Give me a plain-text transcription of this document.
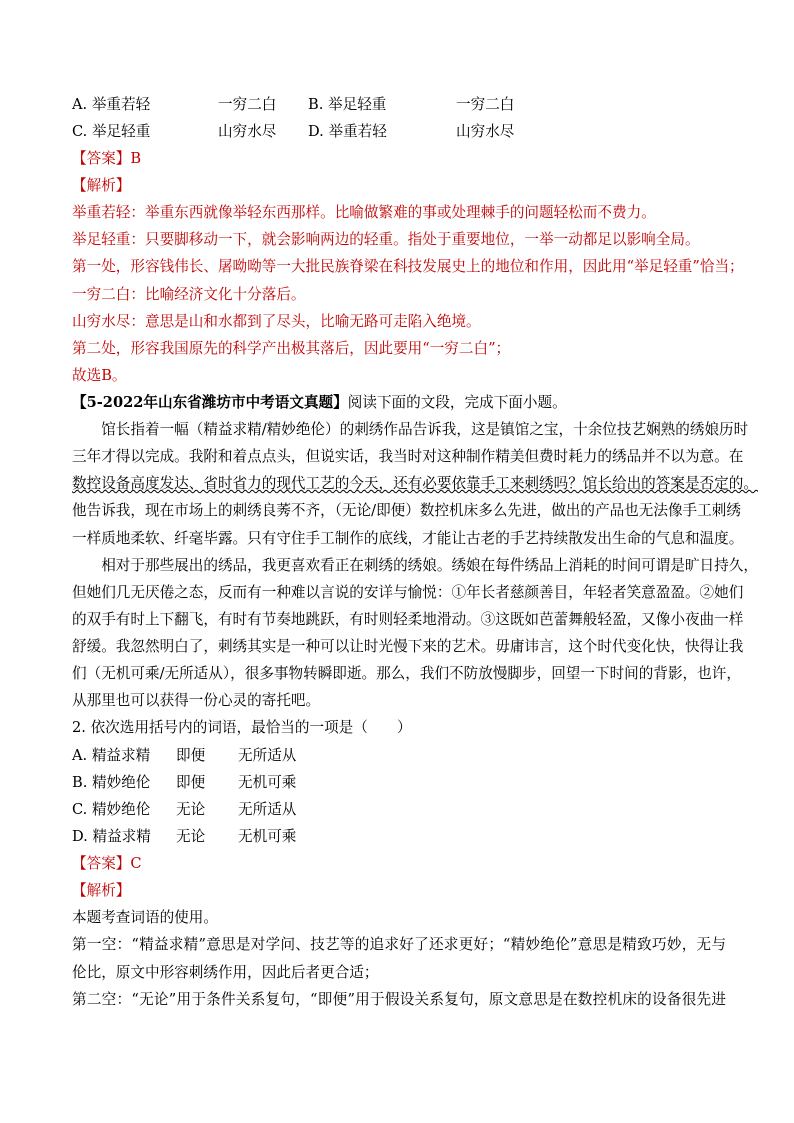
A. 举重若轻	一穷二白 B. 举足轻重	一穷二白
C. 举足轻重	山穷水尽 D. 举重若轻	山穷水尽
【答案】B
【解析】
举重若轻：举重东西就像举轻东西那样。比喻做繁难的事或处理棘手的问题轻松而不费力。
举足轻重：只要脚移动一下，就会影响两边的轻重。指处于重要地位，一举一动都足以影响全局。
第一处，形容钱伟长、屠呦呦等一大批民族脊梁在科技发展史上的地位和作用，因此用“举足轻重”恰当；
一穷二白：比喻经济文化十分落后。
山穷水尽：意思是山和水都到了尽头，比喻无路可走陷入绝境。
第二处，形容我国原先的科学产出极其落后，因此要用“一穷二白”；
故选B。
【5-2022年山东省潍坊市中考语文真题】阅读下面的文段，完成下面小题。
馆长指着一幅（精益求精/精妙绝伦）的刺绣作品告诉我，这是镇馆之宝，十余位技艺娴熟的绣娘历时
三年才得以完成。我附和着点点头，但说实话，我当时对这种制作精美但费时耗力的绣品并不以为意。在
数控设备高度发达、省时省力的现代工艺的今天，还有必要依靠手工来刺绣吗？馆长给出的答案是否定的。
他告诉我，现在市场上的刺绣良莠不齐，（无论/即便）数控机床多么先进，做出的产品也无法像手工刺绣
一样质地柔软、纤毫毕露。只有守住手工制作的底线，才能让古老的手艺持续散发出生命的气息和温度。
相对于那些展出的绣品，我更喜欢看正在刺绣的绣娘。绣娘在每件绣品上消耗的时间可谓是旷日持久，
但她们几无厌倦之态，反而有一种难以言说的安详与愉悦：①年长者慈颜善目，年轻者笑意盈盈。②她们
的双手有时上下翻飞，有时有节奏地跳跃，有时则轻柔地滑动。③这既如芭蕾舞般轻盈，又像小夜曲一样
舒缓。我忽然明白了，刺绣其实是一种可以让时光慢下来的艺术。毋庸讳言，这个时代变化快，快得让我
们（无机可乘/无所适从），很多事物转瞬即逝。那么，我们不防放慢脚步，回望一下时间的背影，也许，
从那里也可以获得一份心灵的寄托吧。
2. 依次选用括号内的词语，最恰当的一项是（　　）
A. 精益求精 即便 无所适从
B. 精妙绝伦 即便 无机可乘
C. 精妙绝伦 无论 无所适从
D. 精益求精 无论 无机可乘
【答案】C
【解析】
本题考查词语的使用。
第一空：“精益求精”意思是对学问、技艺等的追求好了还求更好；“精妙绝伦”意思是精致巧妙，无与
伦比，原文中形容刺绣作用，因此后者更合适；
第二空：“无论”用于条件关系复句，“即便”用于假设关系复句，原文意思是在数控机床的设备很先进
